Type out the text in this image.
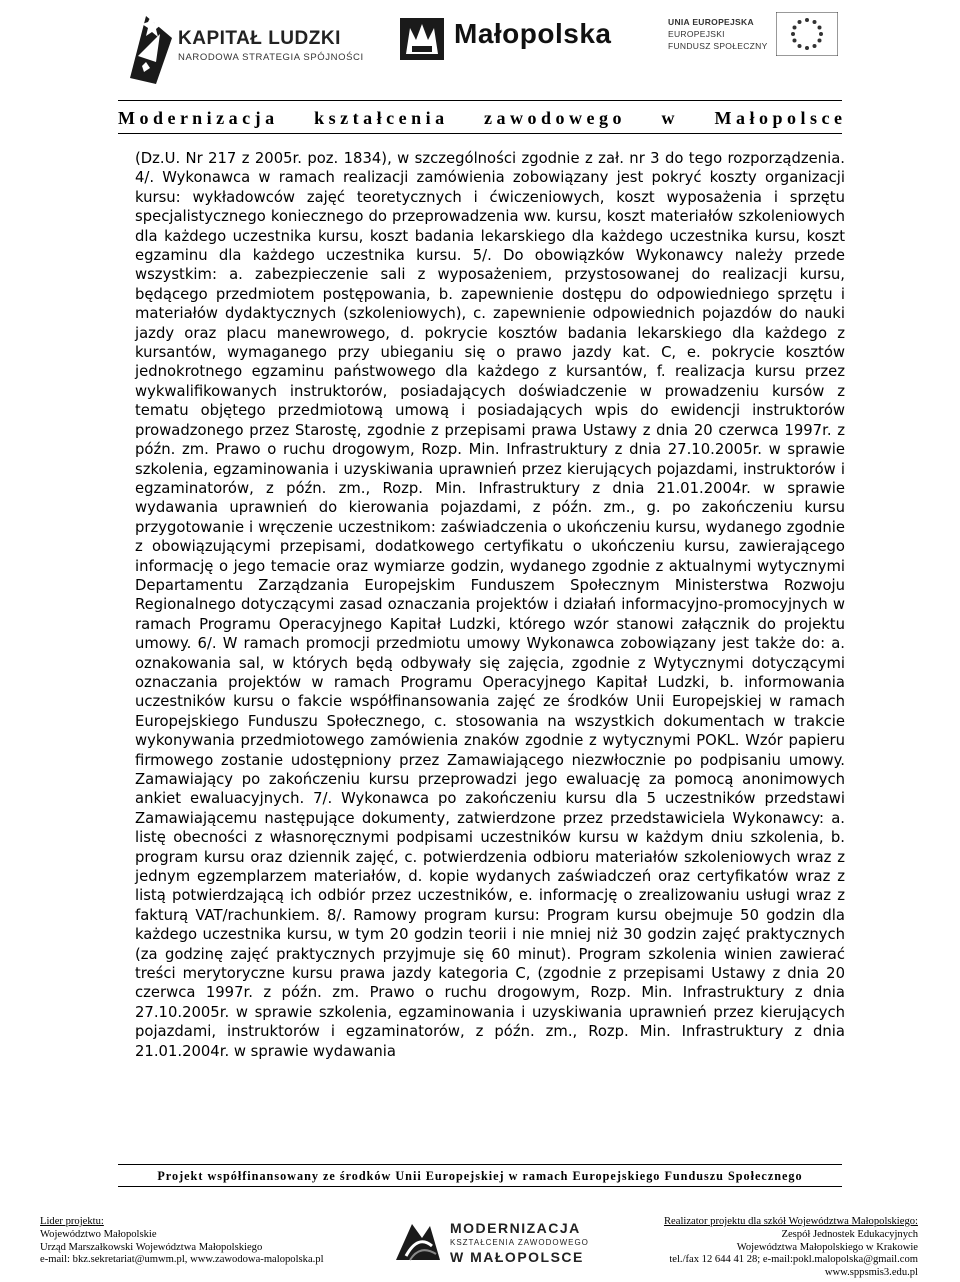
KAPITAŁ LUDZKI
NARODOWA STRATEGIA SPÓJNOŚCI
Małopolska	UNIA EUROPEJSKA
EUROPEJSKI
FUNDUSZ SPOŁECZNY
M o d e r n i z a c j a k s z t a ł c e n i a z a w o d o w e g o w M a ł o p o l s c e
(Dz.U. Nr 217 z 2005r. poz. 1834), w szczególności zgodnie z zał. nr 3 do tego rozporządzenia. 4/. Wykonawca w ramach realizacji zamówienia zobowiązany jest pokryć koszty organizacji kursu: wykładowców zajęć teoretycznych i ćwiczeniowych, koszt wyposażenia i sprzętu specjalistycznego koniecznego do przeprowadzenia ww. kursu, koszt materiałów szkoleniowych dla każdego uczestnika kursu, koszt badania lekarskiego dla każdego uczestnika kursu, koszt egzaminu dla każdego uczestnika kursu. 5/. Do obowiązków Wykonawcy należy przede wszystkim: a. zabezpieczenie sali z wyposażeniem, przystosowanej do realizacji kursu, będącego przedmiotem postępowania, b. zapewnienie dostępu do odpowiedniego sprzętu i materiałów dydaktycznych (szkoleniowych), c. zapewnienie odpowiednich pojazdów do nauki jazdy oraz placu manewrowego, d. pokrycie kosztów badania lekarskiego dla każdego z kursantów, wymaganego przy ubieganiu się o prawo jazdy kat. C, e. pokrycie kosztów jednokrotnego egzaminu państwowego dla każdego z kursantów, f. realizacja kursu przez wykwalifikowanych instruktorów, posiadających doświadczenie w prowadzeniu kursów z tematu objętego przedmiotową umową i posiadających wpis do ewidencji instruktorów prowadzonego przez Starostę, zgodnie z przepisami prawa Ustawy z dnia 20 czerwca 1997r. z późn. zm. Prawo o ruchu drogowym, Rozp. Min. Infrastruktury z dnia 27.10.2005r. w sprawie szkolenia, egzaminowania i uzyskiwania uprawnień przez kierujących pojazdami, instruktorów i egzaminatorów, z późn. zm., Rozp. Min. Infrastruktury z dnia 21.01.2004r. w sprawie wydawania uprawnień do kierowania pojazdami, z późn. zm., g. po zakończeniu kursu przygotowanie i wręczenie uczestnikom: zaświadczenia o ukończeniu kursu, wydanego zgodnie z obowiązującymi przepisami, dodatkowego certyfikatu o ukończeniu kursu, zawierającego informację o jego temacie oraz wymiarze godzin, wydanego zgodnie z aktualnymi wytycznymi Departamentu Zarządzania Europejskim Funduszem Społecznym Ministerstwa Rozwoju Regionalnego dotyczącymi zasad oznaczania projektów i działań informacyjno-promocyjnych w ramach Programu Operacyjnego Kapitał Ludzki, którego wzór stanowi załącznik do projektu umowy. 6/. W ramach promocji przedmiotu umowy Wykonawca zobowiązany jest także do: a. oznakowania sal, w których będą odbywały się zajęcia, zgodnie z Wytycznymi dotyczącymi oznaczania projektów w ramach Programu Operacyjnego Kapitał Ludzki, b. informowania uczestników kursu o fakcie współfinansowania zajęć ze środków Unii Europejskiej w ramach Europejskiego Funduszu Społecznego, c. stosowania na wszystkich dokumentach w trakcie wykonywania przedmiotowego zamówienia znaków zgodnie z wytycznymi POKL. Wzór papieru firmowego zostanie udostępniony przez Zamawiającego niezwłocznie po podpisaniu umowy. Zamawiający po zakończeniu kursu przeprowadzi jego ewaluację za pomocą anonimowych ankiet ewaluacyjnych. 7/. Wykonawca po zakończeniu kursu dla 5 uczestników przedstawi Zamawiającemu następujące dokumenty, zatwierdzone przez przedstawiciela Wykonawcy: a. listę obecności z własnoręcznymi podpisami uczestników kursu w każdym dniu szkolenia, b. program kursu oraz dziennik zajęć, c. potwierdzenia odbioru materiałów szkoleniowych wraz z jednym egzemplarzem materiałów, d. kopie wydanych zaświadczeń oraz certyfikatów wraz z listą potwierdzającą ich odbiór przez uczestników, e. informację o zrealizowaniu usługi wraz z fakturą VAT/rachunkiem. 8/. Ramowy program kursu: Program kursu obejmuje 50 godzin dla każdego uczestnika kursu, w tym 20 godzin teorii i nie mniej niż 30 godzin zajęć praktycznych (za godzinę zajęć praktycznych przyjmuje się 60 minut). Program szkolenia winien zawierać treści merytoryczne kursu prawa jazdy kategoria C, (zgodnie z przepisami Ustawy z dnia 20 czerwca 1997r. z późn. zm. Prawo o ruchu drogowym, Rozp. Min. Infrastruktury z dnia 27.10.2005r. w sprawie szkolenia, egzaminowania i uzyskiwania uprawnień przez kierujących pojazdami, instruktorów i egzaminatorów, z późn. zm., Rozp. Min. Infrastruktury z dnia 21.01.2004r. w sprawie wydawania
Projekt współfinansowany ze środków Unii Europejskiej w ramach Europejskiego Funduszu Społecznego
Lider projektu:
Województwo Małopolskie
Urząd Marszałkowski Województwa Małopolskiego
e-mail: bkz.sekretariat@umwm.pl, www.zawodowa-malopolska.pl
MODERNIZACJA
KSZTAŁCENIA ZAWODOWEGO
W MAŁOPOLSCE
Realizator projektu dla szkół Województwa Małopolskiego:
Zespół Jednostek Edukacyjnych
Województwa Małopolskiego w Krakowie
tel./fax 12 644 41 28; e-mail:pokl.malopolska@gmail.com
www.sppsmis3.edu.pl
